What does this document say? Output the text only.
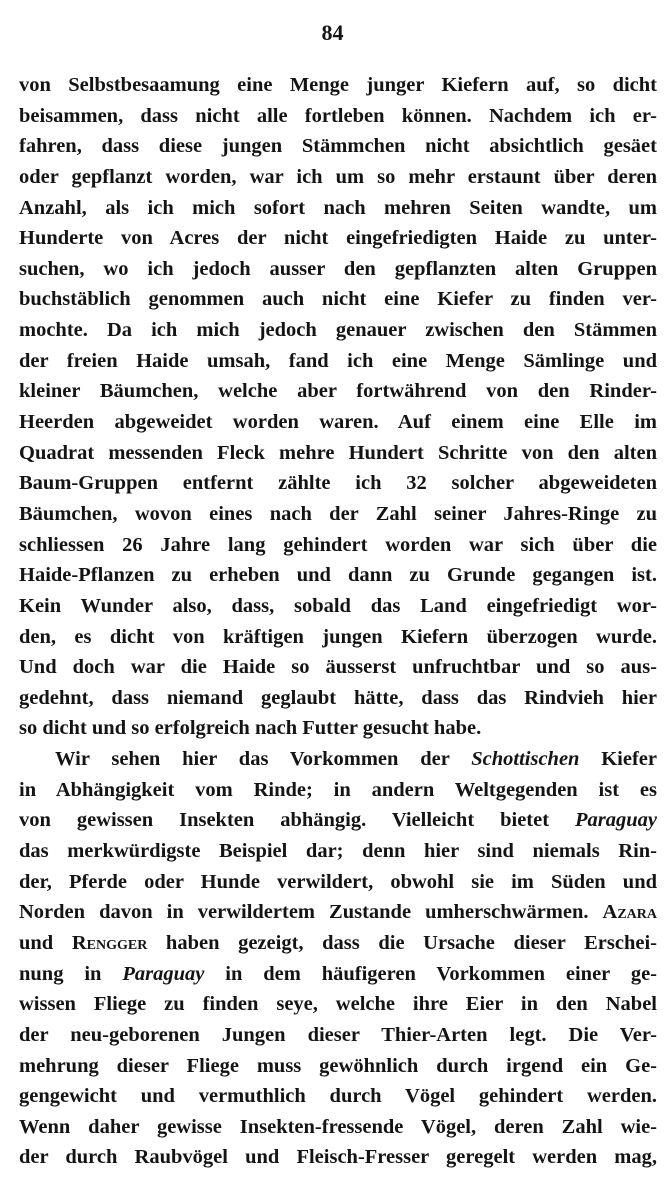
84
von Selbstbesaamung eine Menge junger Kiefern auf, so dicht
beisammen, dass nicht alle fortleben können. Nachdem ich er-
fahren, dass diese jungen Stämmchen nicht absichtlich gesäet
oder gepflanzt worden, war ich um so mehr erstaunt über deren
Anzahl, als ich mich sofort nach mehren Seiten wandte, um
Hunderte von Acres der nicht eingefriedigten Haide zu unter-
suchen, wo ich jedoch ausser den gepflanzten alten Gruppen
buchstäblich genommen auch nicht eine Kiefer zu finden ver-
mochte. Da ich mich jedoch genauer zwischen den Stämmen
der freien Haide umsah, fand ich eine Menge Sämlinge und
kleiner Bäumchen, welche aber fortwährend von den Rinder-
Heerden abgeweidet worden waren. Auf einem eine Elle im
Quadrat messenden Fleck mehre Hundert Schritte von den alten
Baum-Gruppen entfernt zählte ich 32 solcher abgeweideten
Bäumchen, wovon eines nach der Zahl seiner Jahres-Ringe zu
schliessen 26 Jahre lang gehindert worden war sich über die
Haide-Pflanzen zu erheben und dann zu Grunde gegangen ist.
Kein Wunder also, dass, sobald das Land eingefriedigt wor-
den, es dicht von kräftigen jungen Kiefern überzogen wurde.
Und doch war die Haide so äusserst unfruchtbar und so aus-
gedehnt, dass niemand geglaubt hätte, dass das Rindvieh hier
so dicht und so erfolgreich nach Futter gesucht habe.
Wir sehen hier das Vorkommen der Schottischen Kiefer
in Abhängigkeit vom Rinde; in andern Weltgegenden ist es
von gewissen Insekten abhängig. Vielleicht bietet Paraguay
das merkwürdigste Beispiel dar; denn hier sind niemals Rin-
der, Pferde oder Hunde verwildert, obwohl sie im Süden und
Norden davon in verwildertem Zustande umherschwärmen. Azara
und Rengger haben gezeigt, dass die Ursache dieser Erschei-
nung in Paraguay in dem häufigeren Vorkommen einer ge-
wissen Fliege zu finden seye, welche ihre Eier in den Nabel
der neu-geborenen Jungen dieser Thier-Arten legt. Die Ver-
mehrung dieser Fliege muss gewöhnlich durch irgend ein Ge-
gengewicht und vermuthlich durch Vögel gehindert werden.
Wenn daher gewisse Insekten-fressende Vögel, deren Zahl wie-
der durch Raubvögel und Fleisch-Fresser geregelt werden mag,
